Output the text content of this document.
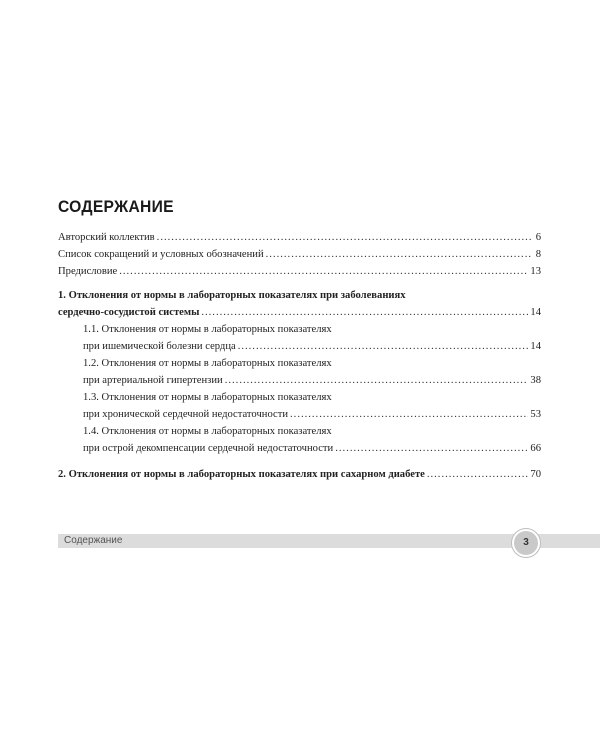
СОДЕРЖАНИЕ
Авторский коллектив .....	6
Список сокращений и условных обозначений .....	8
Предисловие .....	13
1. Отклонения от нормы в лабораторных показателях при заболеваниях
сердечно-сосудистой системы .....	14
1.1. Отклонения от нормы в лабораторных показателях
при ишемической болезни сердца .....	14
1.2. Отклонения от нормы в лабораторных показателях
при артериальной гипертензии .....	38
1.3. Отклонения от нормы в лабораторных показателях
при хронической сердечной недостаточности .....	53
1.4. Отклонения от нормы в лабораторных показателях
при острой декомпенсации сердечной недостаточности .....	66
2. Отклонения от нормы в лабораторных показателях при сахарном диабете .....	70
Содержание	3
